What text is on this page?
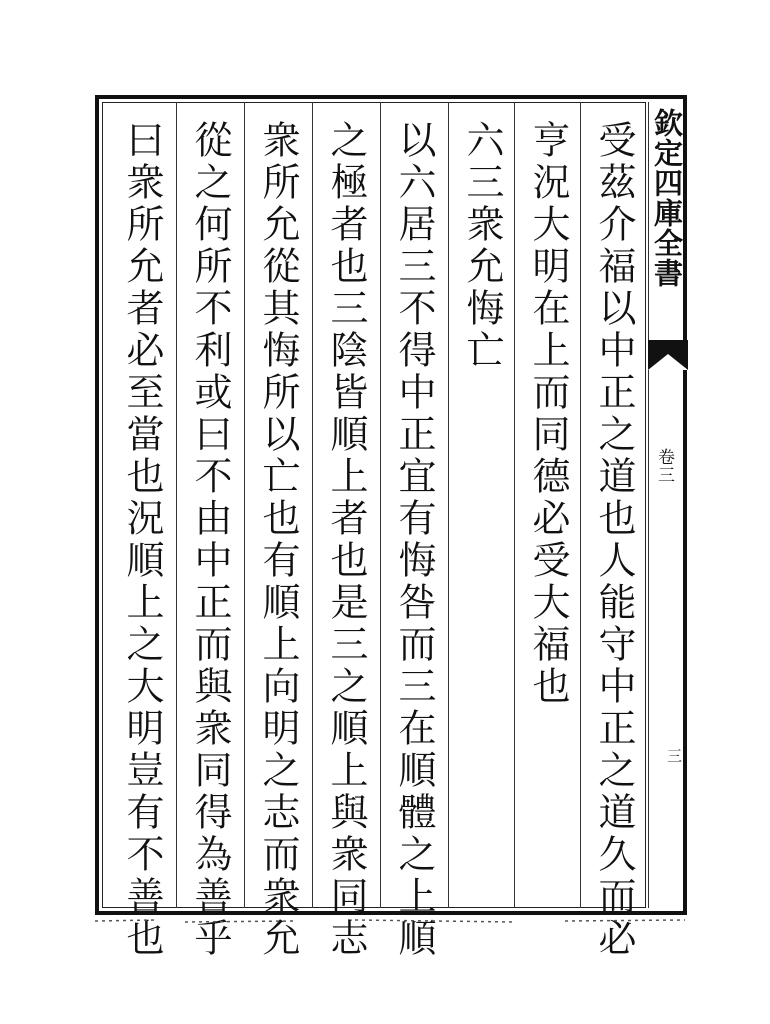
受茲介福以中正之道也人能守中正之道久而必
亨況大明在上而同德必受大福也
六三衆允悔亡
以六居三不得中正宜有悔咎而三在順體之上順
之極者也三陰皆順上者也是三之順上與衆同志
衆所允從其悔所以亡也有順上向明之志而衆允
從之何所不利或曰不由中正而與衆同得為善乎
曰衆所允者必至當也況順上之大明豈有不善也	欽定四庫全書
卷三
三
